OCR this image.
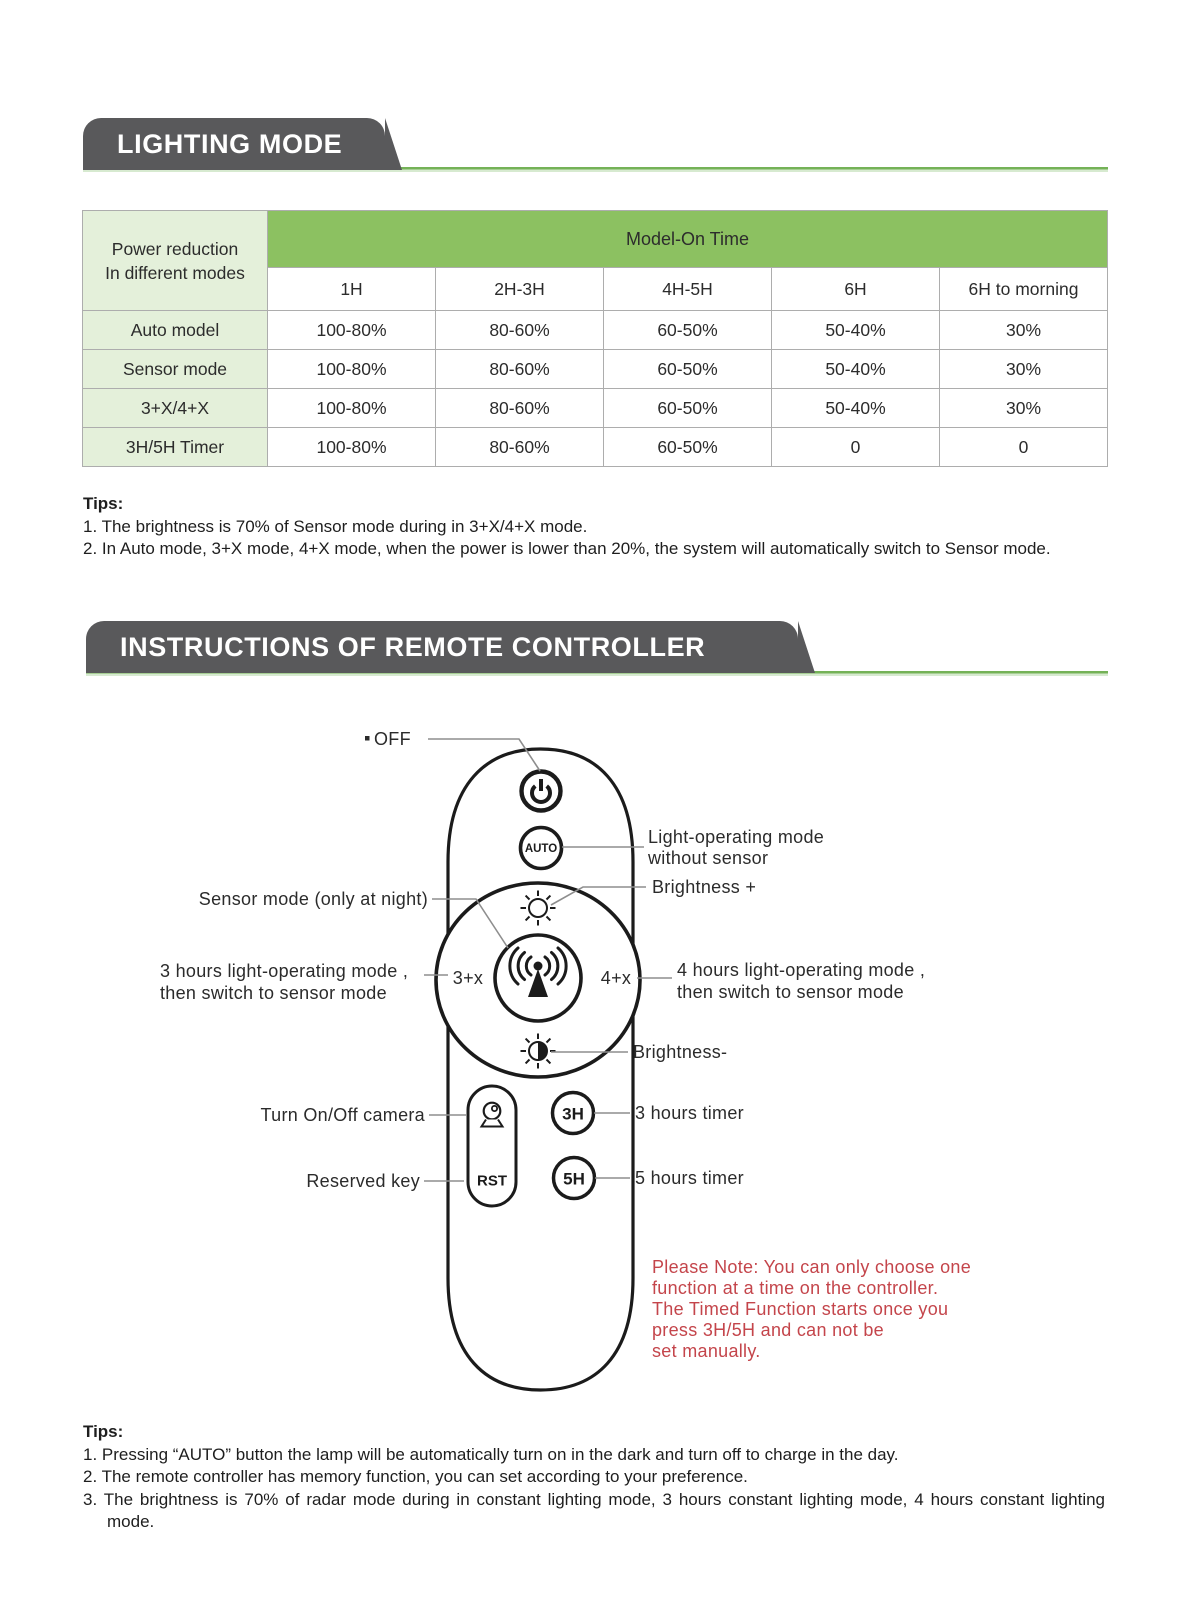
LIGHTING MODE
Power reduction
In different modes	Model-On Time				
	1H	2H-3H	4H-5H	6H	6H to morning
Auto model	100-80%	80-60%	60-50%	50-40%	30%
Sensor mode	100-80%	80-60%	60-50%	50-40%	30%
3+X/4+X	100-80%	80-60%	60-50%	50-40%	30%
3H/5H Timer	100-80%	80-60%	60-50%	0	0
Tips:
1. The brightness is 70% of Sensor mode during in 3+X/4+X mode.
2. In Auto mode, 3+X mode, 4+X mode, when the power is lower than 20%, the system will automatically switch to Sensor mode.
INSTRUCTIONS OF REMOTE CONTROLLER
AUTO
3+x	4+x
RST
3H
5H
OFF
Light-operating mode
without sensor
Brightness +
Sensor mode (only at night)
3 hours light-operating mode ,
then switch to sensor mode
4 hours light-operating mode ,
then switch to sensor mode
Brightness-
Turn On/Off camera
Reserved key
3 hours timer
5 hours timer
Please Note: You can only choose one
function at a time on the controller.
The Timed Function starts once you
press 3H/5H and can not be
set manually.
Tips:
1. Pressing “AUTO” button the lamp will be automatically turn on in the dark and turn off to charge in the day.
2. The remote controller has memory function, you can set according to your preference.
3. The brightness is 70% of radar mode during in constant lighting mode, 3 hours constant lighting mode, 4 hours constant lighting mode.
